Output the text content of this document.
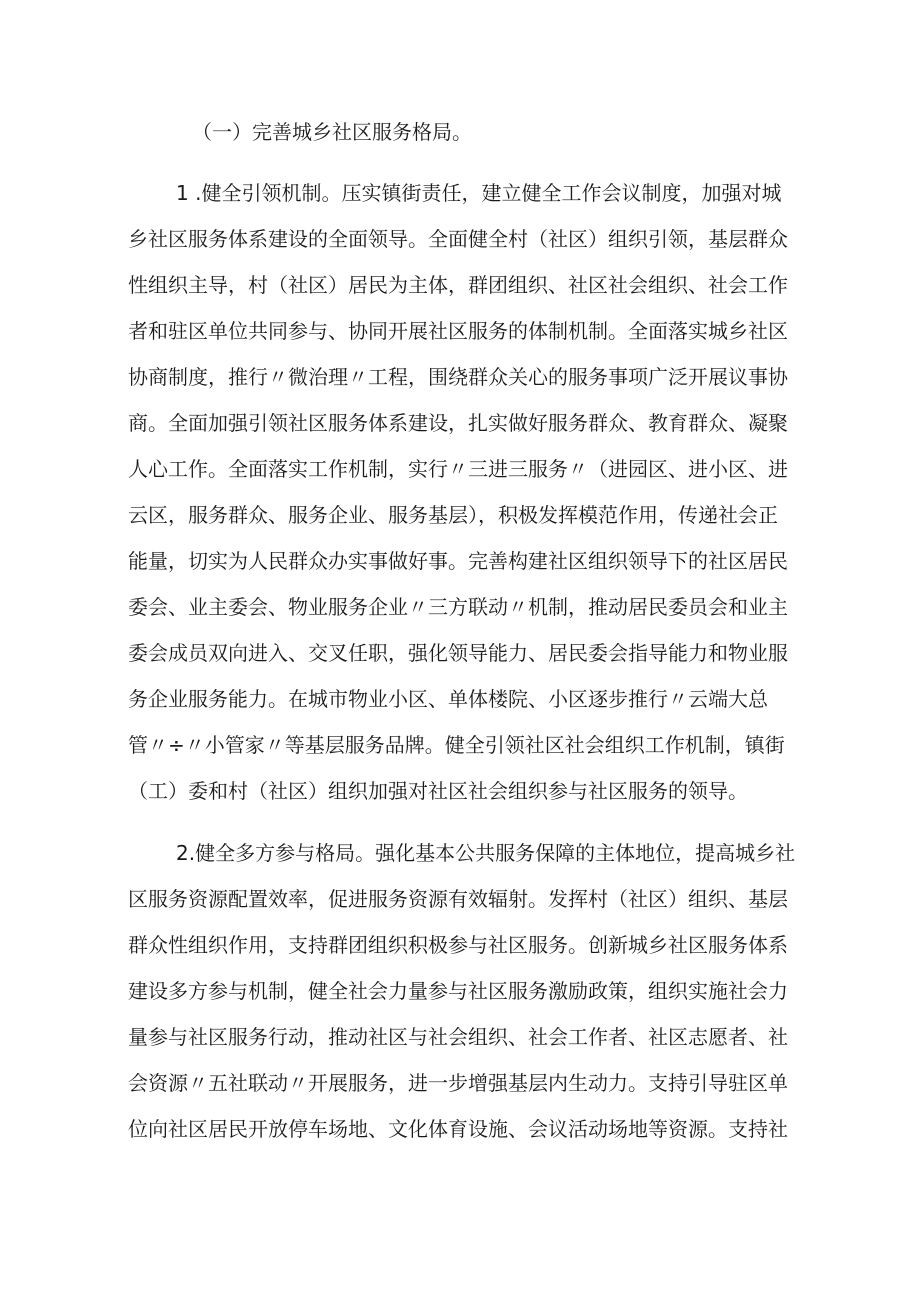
（一）完善城乡社区服务格局。
1 .健全引领机制。压实镇街责任，建立健全工作会议制度，加强对城
乡社区服务体系建设的全面领导。全面健全村（社区）组织引领，基层群众
性组织主导，村（社区）居民为主体，群团组织、社区社会组织、社会工作
者和驻区单位共同参与、协同开展社区服务的体制机制。全面落实城乡社区
协商制度，推行〃微治理〃工程，围绕群众关心的服务事项广泛开展议事协
商。全面加强引领社区服务体系建设，扎实做好服务群众、教育群众、凝聚
人心工作。全面落实工作机制，实行〃三进三服务〃（进园区、进小区、进
云区，服务群众、服务企业、服务基层），积极发挥模范作用，传递社会正
能量，切实为人民群众办实事做好事。完善构建社区组织领导下的社区居民
委会、业主委会、物业服务企业〃三方联动〃机制，推动居民委员会和业主
委会成员双向进入、交叉任职，强化领导能力、居民委会指导能力和物业服
务企业服务能力。在城市物业小区、单体楼院、小区逐步推行〃云端大总
管〃÷〃小管家〃等基层服务品牌。健全引领社区社会组织工作机制，镇街
（工）委和村（社区）组织加强对社区社会组织参与社区服务的领导。
2.健全多方参与格局。强化基本公共服务保障的主体地位，提高城乡社
区服务资源配置效率，促进服务资源有效辐射。发挥村（社区）组织、基层
群众性组织作用，支持群团组织积极参与社区服务。创新城乡社区服务体系
建设多方参与机制，健全社会力量参与社区服务激励政策，组织实施社会力
量参与社区服务行动，推动社区与社会组织、社会工作者、社区志愿者、社
会资源〃五社联动〃开展服务，进一步增强基层内生动力。支持引导驻区单
位向社区居民开放停车场地、文化体育设施、会议活动场地等资源。支持社
